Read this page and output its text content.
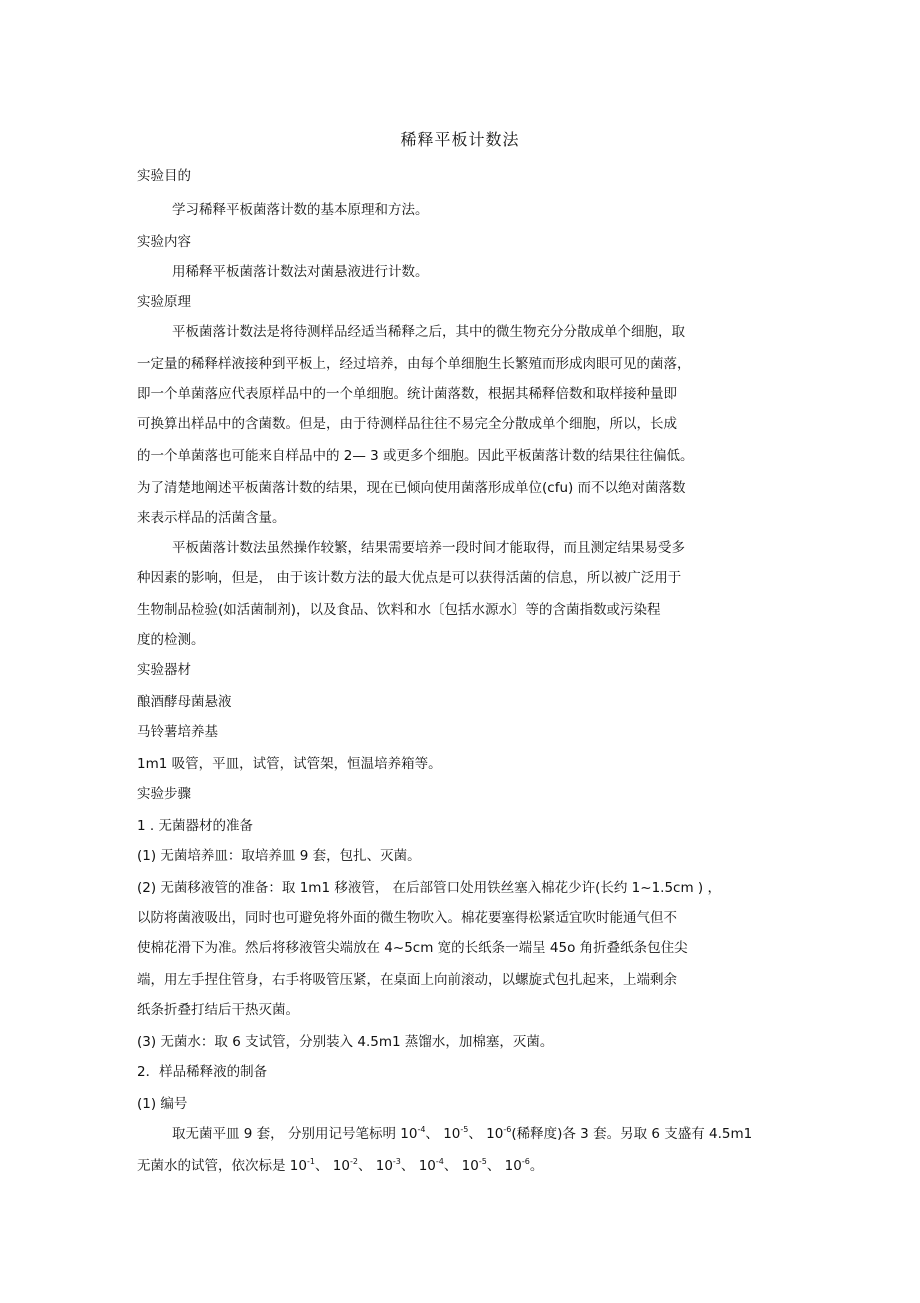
稀释平板计数法
实验目的
学习稀释平板菌落计数的基本原理和方法。
实验内容
用稀释平板菌落计数法对菌悬液进行计数。
实验原理
平板菌落计数法是将待测样品经适当稀释之后，其中的微生物充分分散成单个细胞，取
一定量的稀释样液接种到平板上，经过培养，由每个单细胞生长繁殖而形成肉眼可见的菌落，
即一个单菌落应代表原样品中的一个单细胞。统计菌落数，根据其稀释倍数和取样接种量即
可换算出样品中的含菌数。但是，由于待测样品往往不易完全分散成单个细胞，所以，长成
的一个单菌落也可能来自样品中的 2— 3 或更多个细胞。因此平板菌落计数的结果往往偏低。
为了清楚地阐述平板菌落计数的结果，现在已倾向使用菌落形成单位(cfu) 而不以绝对菌落数
来表示样品的活菌含量。
平板菌落计数法虽然操作较繁，结果需要培养一段时间才能取得，而且测定结果易受多
种因素的影响，但是， 由于该计数方法的最大优点是可以获得活菌的信息，所以被广泛用于
生物制品检验(如活菌制剂)，以及食品、饮料和水〔包括水源水〕等的含菌指数或污染程
度的检测。
实验器材
酿酒酵母菌悬液
马铃薯培养基
1m1 吸管，平皿，试管，试管架，恒温培养箱等。
实验步骤
1 . 无菌器材的准备
(1) 无菌培养皿：取培养皿 9 套，包扎、灭菌。
(2) 无菌移液管的准备：取 1m1 移液管， 在后部管口处用铁丝塞入棉花少许(长约 1~1.5cm ) ，
以防将菌液吸出，同时也可避免将外面的微生物吹入。棉花要塞得松紧适宜吹时能通气但不
使棉花滑下为准。然后将移液管尖端放在 4~5cm 宽的长纸条一端呈 45o 角折叠纸条包住尖
端，用左手捏住管身，右手将吸管压紧，在桌面上向前滚动，以螺旋式包扎起来，上端剩余
纸条折叠打结后干热灭菌。
(3) 无菌水：取 6 支试管，分别装入 4.5m1 蒸馏水，加棉塞，灭菌。
2．样品稀释液的制备
(1) 编号
取无菌平皿 9 套， 分别用记号笔标明 $10^{-4}$、 $10^{-5}$、 $10^{-6}$(稀释度)各 3 套。另取 6 支盛有 4.5m1
无菌水的试管，依次标是 $10^{-1}$、 $10^{-2}$、 $10^{-3}$、 $10^{-4}$、 $10^{-5}$、 $10^{-6}$。
